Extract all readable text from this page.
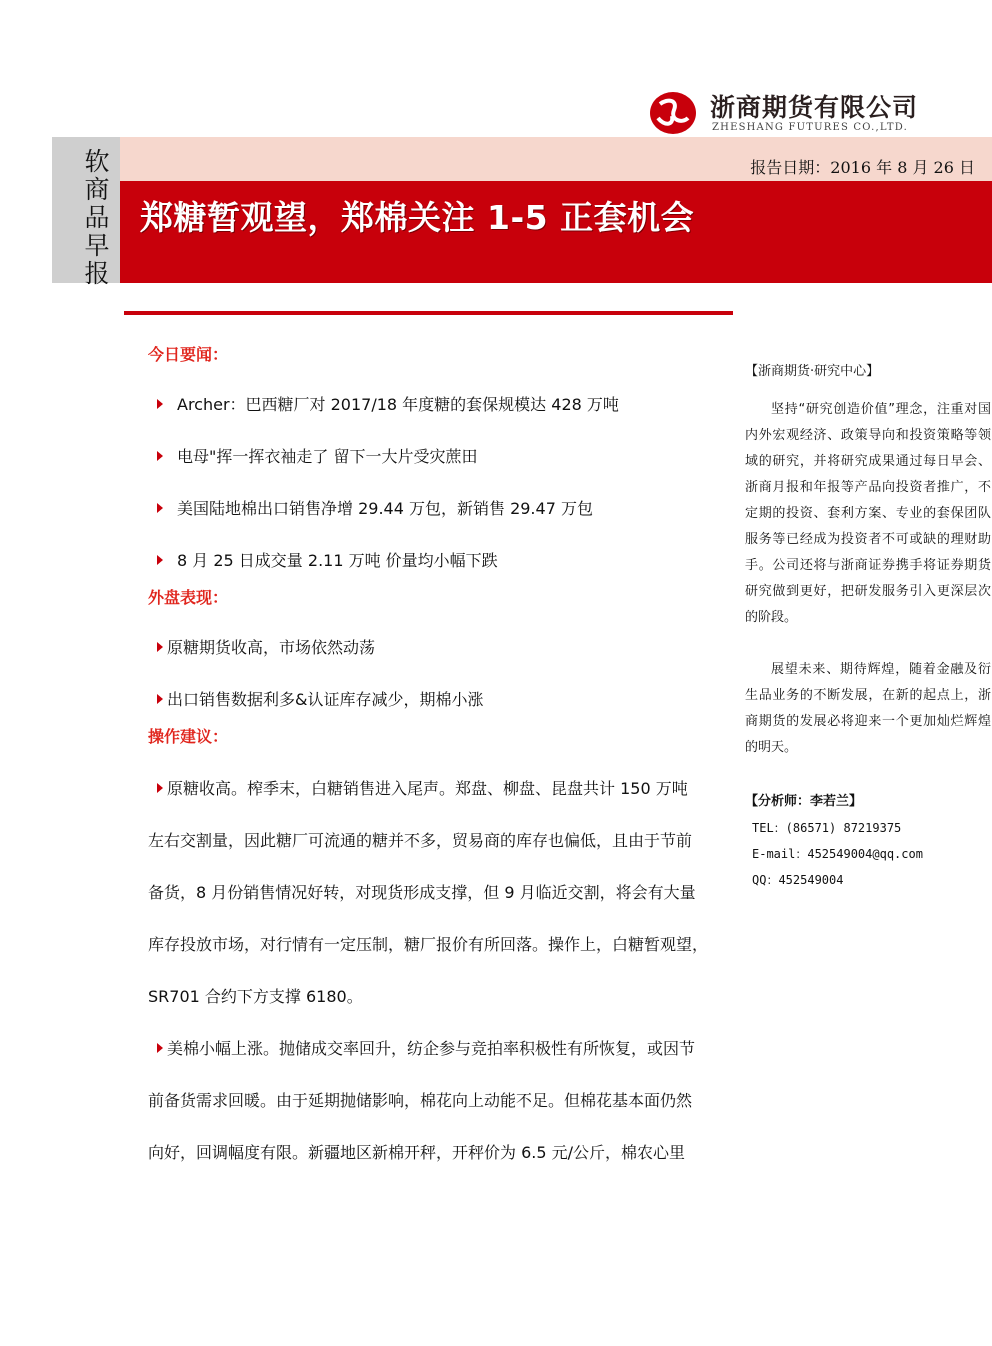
浙商期货有限公司
ZHESHANG FUTURES CO.,LTD.
软商品早报
报告日期：2016 年 8 月 26 日
郑糖暂观望，郑棉关注 1-5 正套机会
今日要闻：
Archer：巴西糖厂对 2017/18 年度糖的套保规模达 428 万吨
电母"挥一挥衣袖走了 留下一大片受灾蔗田
美国陆地棉出口销售净增 29.44 万包，新销售 29.47 万包
8 月 25 日成交量 2.11 万吨 价量均小幅下跌
外盘表现：
原糖期货收高，市场依然动荡
出口销售数据利多&认证库存减少，期棉小涨
操作建议：
原糖收高。榨季末，白糖销售进入尾声。郑盘、柳盘、昆盘共计 150 万吨
左右交割量，因此糖厂可流通的糖并不多，贸易商的库存也偏低，且由于节前
备货，8 月份销售情况好转，对现货形成支撑，但 9 月临近交割，将会有大量
库存投放市场，对行情有一定压制，糖厂报价有所回落。操作上，白糖暂观望，
SR701 合约下方支撑 6180。
美棉小幅上涨。抛储成交率回升，纺企参与竞拍率积极性有所恢复，或因节
前备货需求回暖。由于延期抛储影响，棉花向上动能不足。但棉花基本面仍然
向好，回调幅度有限。新疆地区新棉开秤，开秤价为 6.5 元/公斤，棉农心里
【浙商期货·研究中心】
坚持“研究创造价值”理念，注重对国内外宏观经济、政策导向和投资策略等领域的研究，并将研究成果通过每日早会、浙商月报和年报等产品向投资者推广，不定期的投资、套利方案、专业的套保团队服务等已经成为投资者不可或缺的理财助手。公司还将与浙商证券携手将证券期货研究做到更好，把研发服务引入更深层次的阶段。
展望未来、期待辉煌，随着金融及衍生品业务的不断发展，在新的起点上，浙商期货的发展必将迎来一个更加灿烂辉煌的明天。
【分析师：李若兰】
TEL：(86571) 87219375
E-mail：452549004@qq.com
QQ：452549004
